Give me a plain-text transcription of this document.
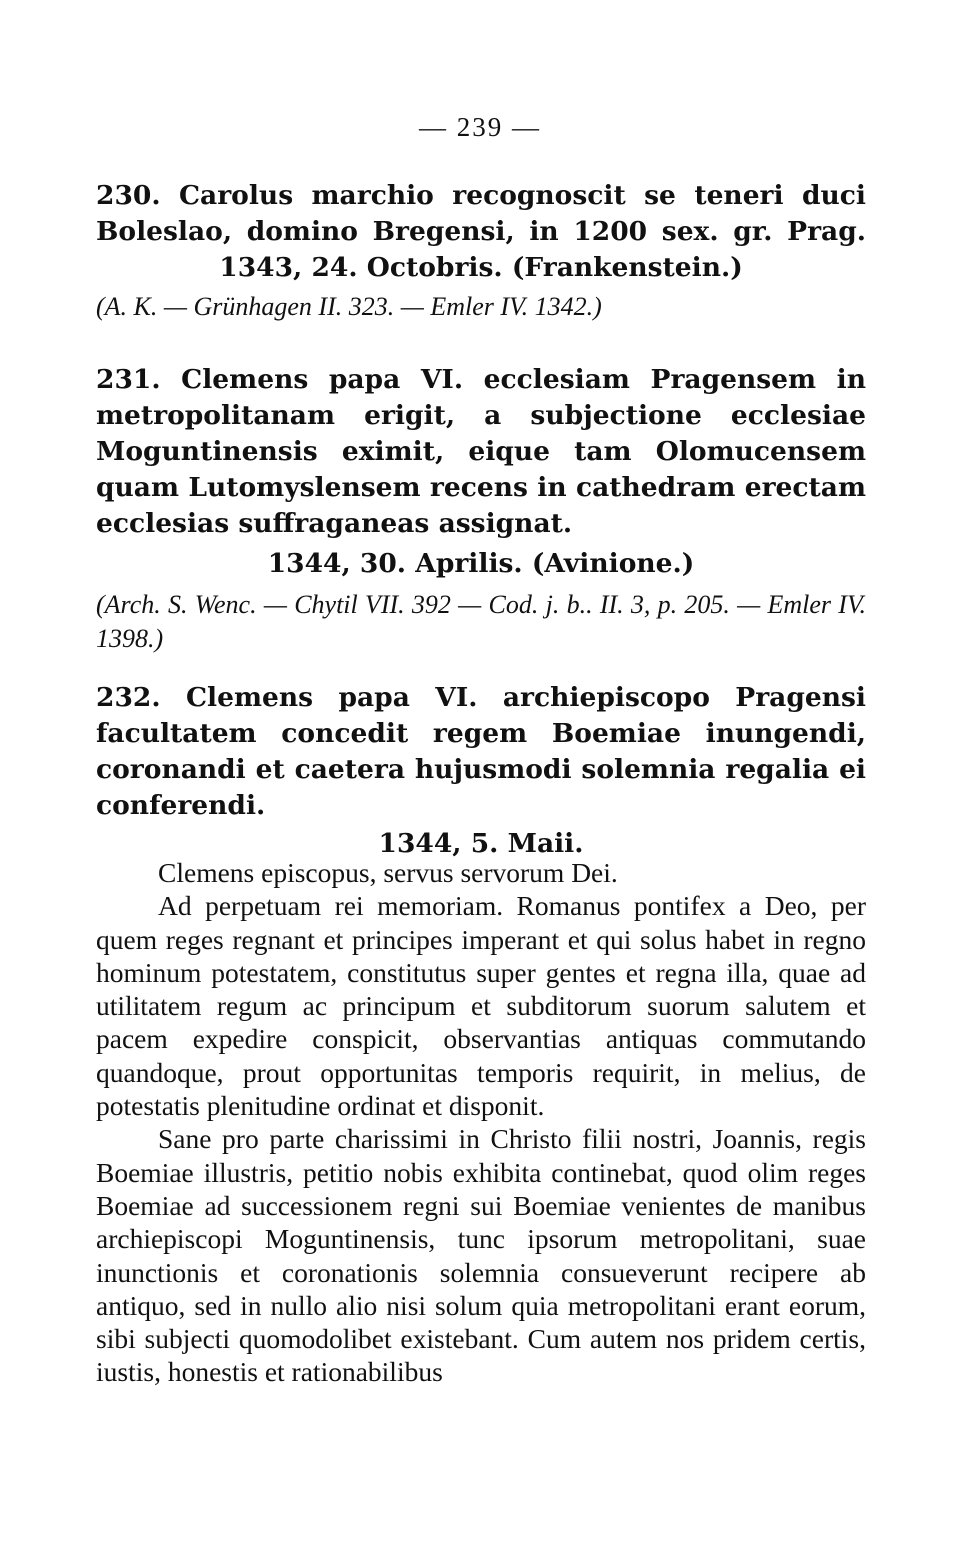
— 239 —

230. Carolus marchio recognoscit se teneri duci Boleslao, domino Bregensi, in 1200 sex. gr. Prag.

1343, 24. Octobris. (Frankenstein.)

(A. K. — Grünhagen II. 323. — Emler IV. 1342.)

231. Clemens papa VI. ecclesiam Pragensem in metropolitanam erigit, a subjectione ecclesiae Moguntinensis eximit, eique tam Olomucensem quam Lutomyslensem recens in cathedram erectam ecclesias suffraganeas assignat.

1344, 30. Aprilis. (Avinione.)

(Arch. S. Wenc. — Chytil VII. 392 — Cod. j. b.. II. 3, p. 205. — Emler IV. 1398.)

232. Clemens papa VI. archiepiscopo Pragensi facultatem concedit regem Boemiae inungendi, coronandi et caetera hujusmodi solemnia regalia ei conferendi.

1344, 5. Maii.

Clemens episcopus, servus servorum Dei.

Ad perpetuam rei memoriam. Romanus pontifex a Deo, per quem reges regnant et principes imperant et qui solus habet in regno hominum potestatem, constitutus super gentes et regna illa, quae ad utilitatem regum ac principum et subditorum suorum salutem et pacem expedire conspicit, observantias antiquas commutando quandoque, prout opportunitas temporis requirit, in melius, de potestatis plenitudine ordinat et disponit.

Sane pro parte charissimi in Christo filii nostri, Joannis, regis Boemiae illustris, petitio nobis exhibita continebat, quod olim reges Boemiae ad successionem regni sui Boemiae venientes de manibus archiepiscopi Moguntinensis, tunc ipsorum metropolitani, suae inunctionis et coronationis solemnia consueverunt recipere ab antiquo, sed in nullo alio nisi solum quia metropolitani erant eorum, sibi subjecti quomodolibet existebant. Cum autem nos pridem certis, iustis, honestis et rationabilibus
